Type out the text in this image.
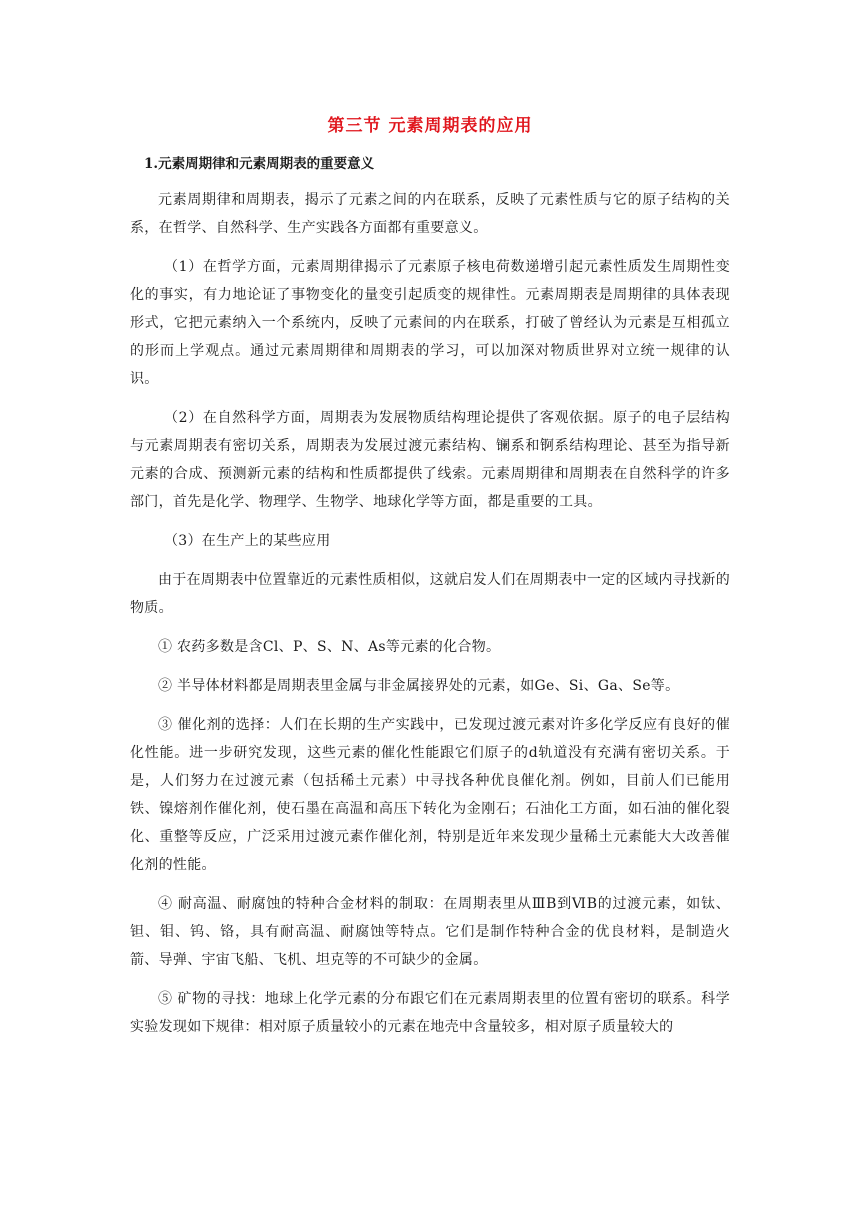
第三节 元素周期表的应用
1.元素周期律和元素周期表的重要意义

元素周期律和周期表，揭示了元素之间的内在联系，反映了元素性质与它的原子结构的关系，在哲学、自然科学、生产实践各方面都有重要意义。

（1）在哲学方面，元素周期律揭示了元素原子核电荷数递增引起元素性质发生周期性变化的事实，有力地论证了事物变化的量变引起质变的规律性。元素周期表是周期律的具体表现形式，它把元素纳入一个系统内，反映了元素间的内在联系，打破了曾经认为元素是互相孤立的形而上学观点。通过元素周期律和周期表的学习，可以加深对物质世界对立统一规律的认识。

（2）在自然科学方面，周期表为发展物质结构理论提供了客观依据。原子的电子层结构与元素周期表有密切关系，周期表为发展过渡元素结构、镧系和锕系结构理论、甚至为指导新元素的合成、预测新元素的结构和性质都提供了线索。元素周期律和周期表在自然科学的许多部门，首先是化学、物理学、生物学、地球化学等方面，都是重要的工具。

（3）在生产上的某些应用

由于在周期表中位置靠近的元素性质相似，这就启发人们在周期表中一定的区域内寻找新的物质。

① 农药多数是含Cl、P、S、N、As等元素的化合物。

② 半导体材料都是周期表里金属与非金属接界处的元素，如Ge、Si、Ga、Se等。

③ 催化剂的选择：人们在长期的生产实践中，已发现过渡元素对许多化学反应有良好的催化性能。进一步研究发现，这些元素的催化性能跟它们原子的d轨道没有充满有密切关系。于是，人们努力在过渡元素（包括稀土元素）中寻找各种优良催化剂。例如，目前人们已能用铁、镍熔剂作催化剂，使石墨在高温和高压下转化为金刚石；石油化工方面，如石油的催化裂化、重整等反应，广泛采用过渡元素作催化剂，特别是近年来发现少量稀土元素能大大改善催化剂的性能。

④ 耐高温、耐腐蚀的特种合金材料的制取：在周期表里从ⅢB到ⅥB的过渡元素，如钛、钽、钼、钨、铬，具有耐高温、耐腐蚀等特点。它们是制作特种合金的优良材料，是制造火箭、导弹、宇宙飞船、飞机、坦克等的不可缺少的金属。

⑤ 矿物的寻找：地球上化学元素的分布跟它们在元素周期表里的位置有密切的联系。科学实验发现如下规律：相对原子质量较小的元素在地壳中含量较多，相对原子质量较大的
